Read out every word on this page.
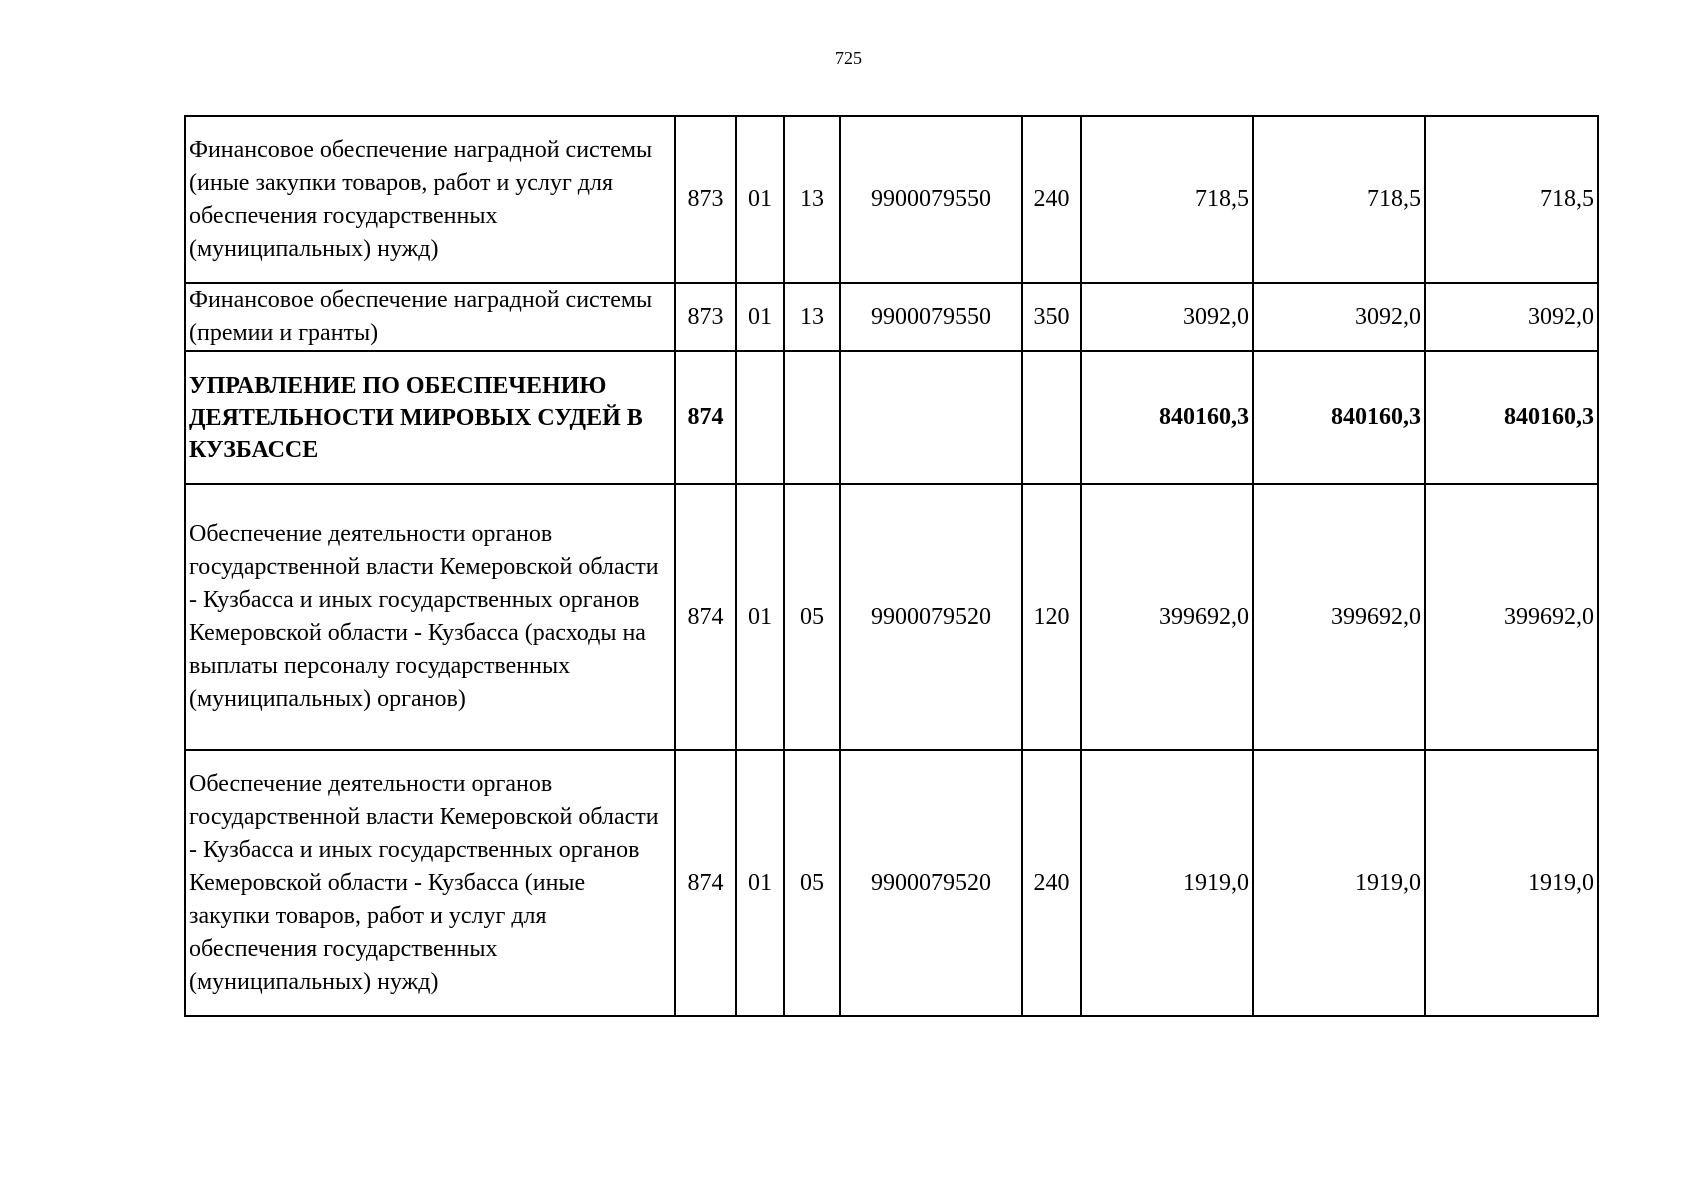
725
Финансовое обеспечение наградной системы (иные закупки товаров, работ и услуг для обеспечения государственных (муниципальных) нужд)	873	01	13	9900079550	240	718,5	718,5	718,5
Финансовое обеспечение наградной системы (премии и гранты)	873	01	13	9900079550	350	3092,0	3092,0	3092,0
УПРАВЛЕНИЕ ПО ОБЕСПЕЧЕНИЮ ДЕЯТЕЛЬНОСТИ МИРОВЫХ СУДЕЙ В КУЗБАССЕ	874					840160,3	840160,3	840160,3
Обеспечение деятельности органов государственной власти Кемеровской области - Кузбасса и иных государственных органов Кемеровской области - Кузбасса (расходы на выплаты персоналу государственных (муниципальных) органов)	874	01	05	9900079520	120	399692,0	399692,0	399692,0
Обеспечение деятельности органов государственной власти Кемеровской области - Кузбасса и иных государственных органов Кемеровской области - Кузбасса (иные закупки товаров, работ и услуг для обеспечения государственных (муниципальных) нужд)	874	01	05	9900079520	240	1919,0	1919,0	1919,0
